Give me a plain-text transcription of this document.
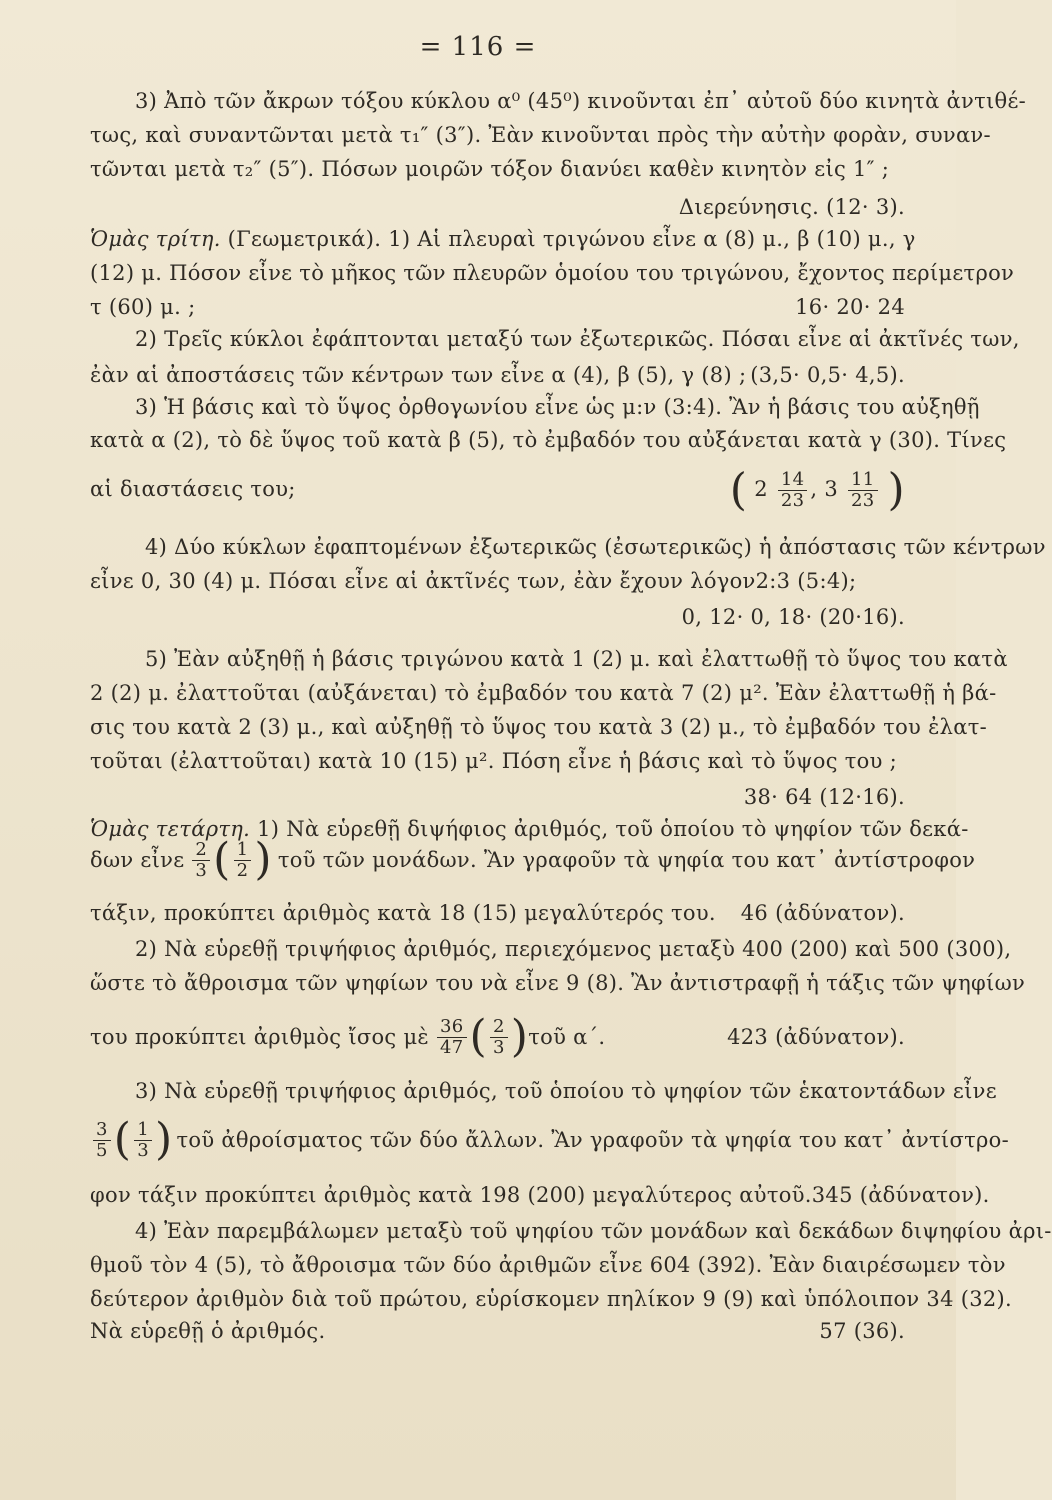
= 116 =
3) Ἀπὸ τῶν ἄκρων τόξου κύκλου α⁰ (45⁰) κινοῦνται ἐπ᾽ αὐτοῦ δύο κινητὰ ἀντιθέ-
τως, καὶ συναντῶνται μετὰ τ₁″ (3″). Ἐὰν κινοῦνται πρὸς τὴν αὐτὴν φορὰν, συναν-
τῶνται μετὰ τ₂″ (5″). Πόσων μοιρῶν τόξον διανύει καθὲν κινητὸν εἰς 1″ ;
Διερεύνησις. (12· 3).
Ὁμὰς τρίτη. (Γεωμετρικά). 1) Αἱ πλευραὶ τριγώνου εἶνε α (8) μ., β (10) μ., γ
(12) μ. Πόσον εἶνε τὸ μῆκος τῶν πλευρῶν ὁμοίου του τριγώνου, ἔχοντος περίμετρον
τ (60) μ. ;	16· 20· 24
2) Τρεῖς κύκλοι ἐφάπτονται μεταξύ των ἐξωτερικῶς. Πόσαι εἶνε αἱ ἀκτῖνές των,
ἐὰν αἱ ἀποστάσεις τῶν κέντρων των εἶνε α (4), β (5), γ (8) ; (3,5· 0,5· 4,5).
3) Ἡ βάσις καὶ τὸ ὕψος ὀρθογωνίου εἶνε ὡς μ:ν (3:4). Ἂν ἡ βάσις του αὐξηθῇ
κατὰ α (2), τὸ δὲ ὕψος τοῦ κατὰ β (5), τὸ ἐμβαδόν του αὐξάνεται κατὰ γ (30). Τίνες
αἱ διαστάσεις του;	( $2 \frac{14}{23}$ , $3 \frac{11}{23}$ )
4) Δύο κύκλων ἐφαπτομένων ἐξωτερικῶς (ἐσωτερικῶς) ἡ ἀπόστασις τῶν κέντρων
εἶνε 0, 30 (4) μ. Πόσαι εἶνε αἱ ἀκτῖνές των, ἐὰν ἔχουν λόγον 2:3 (5:4);
0, 12· 0, 18· (20·16).
5) Ἐὰν αὐξηθῇ ἡ βάσις τριγώνου κατὰ 1 (2) μ. καὶ ἐλαττωθῇ τὸ ὕψος του κατὰ
2 (2) μ. ἐλαττοῦται (αὐξάνεται) τὸ ἐμβαδόν του κατὰ 7 (2) μ². Ἐὰν ἐλαττωθῇ ἡ βά-
σις του κατὰ 2 (3) μ., καὶ αὐξηθῇ τὸ ὕψος του κατὰ 3 (2) μ., τὸ ἐμβαδόν του ἐλατ-
τοῦται (ἐλαττοῦται) κατὰ 10 (15) μ². Πόση εἶνε ἡ βάσις καὶ τὸ ὕψος του ;
38· 64 (12·16).
Ὁμὰς τετάρτη. 1) Νὰ εὑρεθῇ διψήφιος ἀριθμός, τοῦ ὁποίου τὸ ψηφίον τῶν δεκά-
δων εἶνε $\frac{2}{3}$ ( $\frac{1}{2}$ ) τοῦ τῶν μονάδων. Ἂν γραφοῦν τὰ ψηφία του κατ᾽ ἀντίστροφον
τάξιν, προκύπτει ἀριθμὸς κατὰ 18 (15) μεγαλύτερός του. 46 (ἀδύνατον).
2) Νὰ εὑρεθῇ τριψήφιος ἀριθμός, περιεχόμενος μεταξὺ 400 (200) καὶ 500 (300),
ὥστε τὸ ἄθροισμα τῶν ψηφίων του νὰ εἶνε 9 (8). Ἂν ἀντιστραφῇ ἡ τάξις τῶν ψηφίων
του προκύπτει ἀριθμὸς ἴσος μὲ $\frac{36}{47}$ ( $\frac{2}{3}$ ) τοῦ α΄.	423 (ἀδύνατον).
3) Νὰ εὑρεθῇ τριψήφιος ἀριθμός, τοῦ ὁποίου τὸ ψηφίον τῶν ἑκατοντάδων εἶνε
$\frac{3}{5}$ ( $\frac{1}{3}$ ) τοῦ ἀθροίσματος τῶν δύο ἄλλων. Ἂν γραφοῦν τὰ ψηφία του κατ᾽ ἀντίστρο-
φον τάξιν προκύπτει ἀριθμὸς κατὰ 198 (200) μεγαλύτερος αὐτοῦ. 345 (ἀδύνατον).
4) Ἐὰν παρεμβάλωμεν μεταξὺ τοῦ ψηφίου τῶν μονάδων καὶ δεκάδων διψηφίου ἀρι-
θμοῦ τὸν 4 (5), τὸ ἄθροισμα τῶν δύο ἀριθμῶν εἶνε 604 (392). Ἐὰν διαιρέσωμεν τὸν
δεύτερον ἀριθμὸν διὰ τοῦ πρώτου, εὑρίσκομεν πηλίκον 9 (9) καὶ ὑπόλοιπον 34 (32).
Νὰ εὑρεθῇ ὁ ἀριθμός.	57 (36).
